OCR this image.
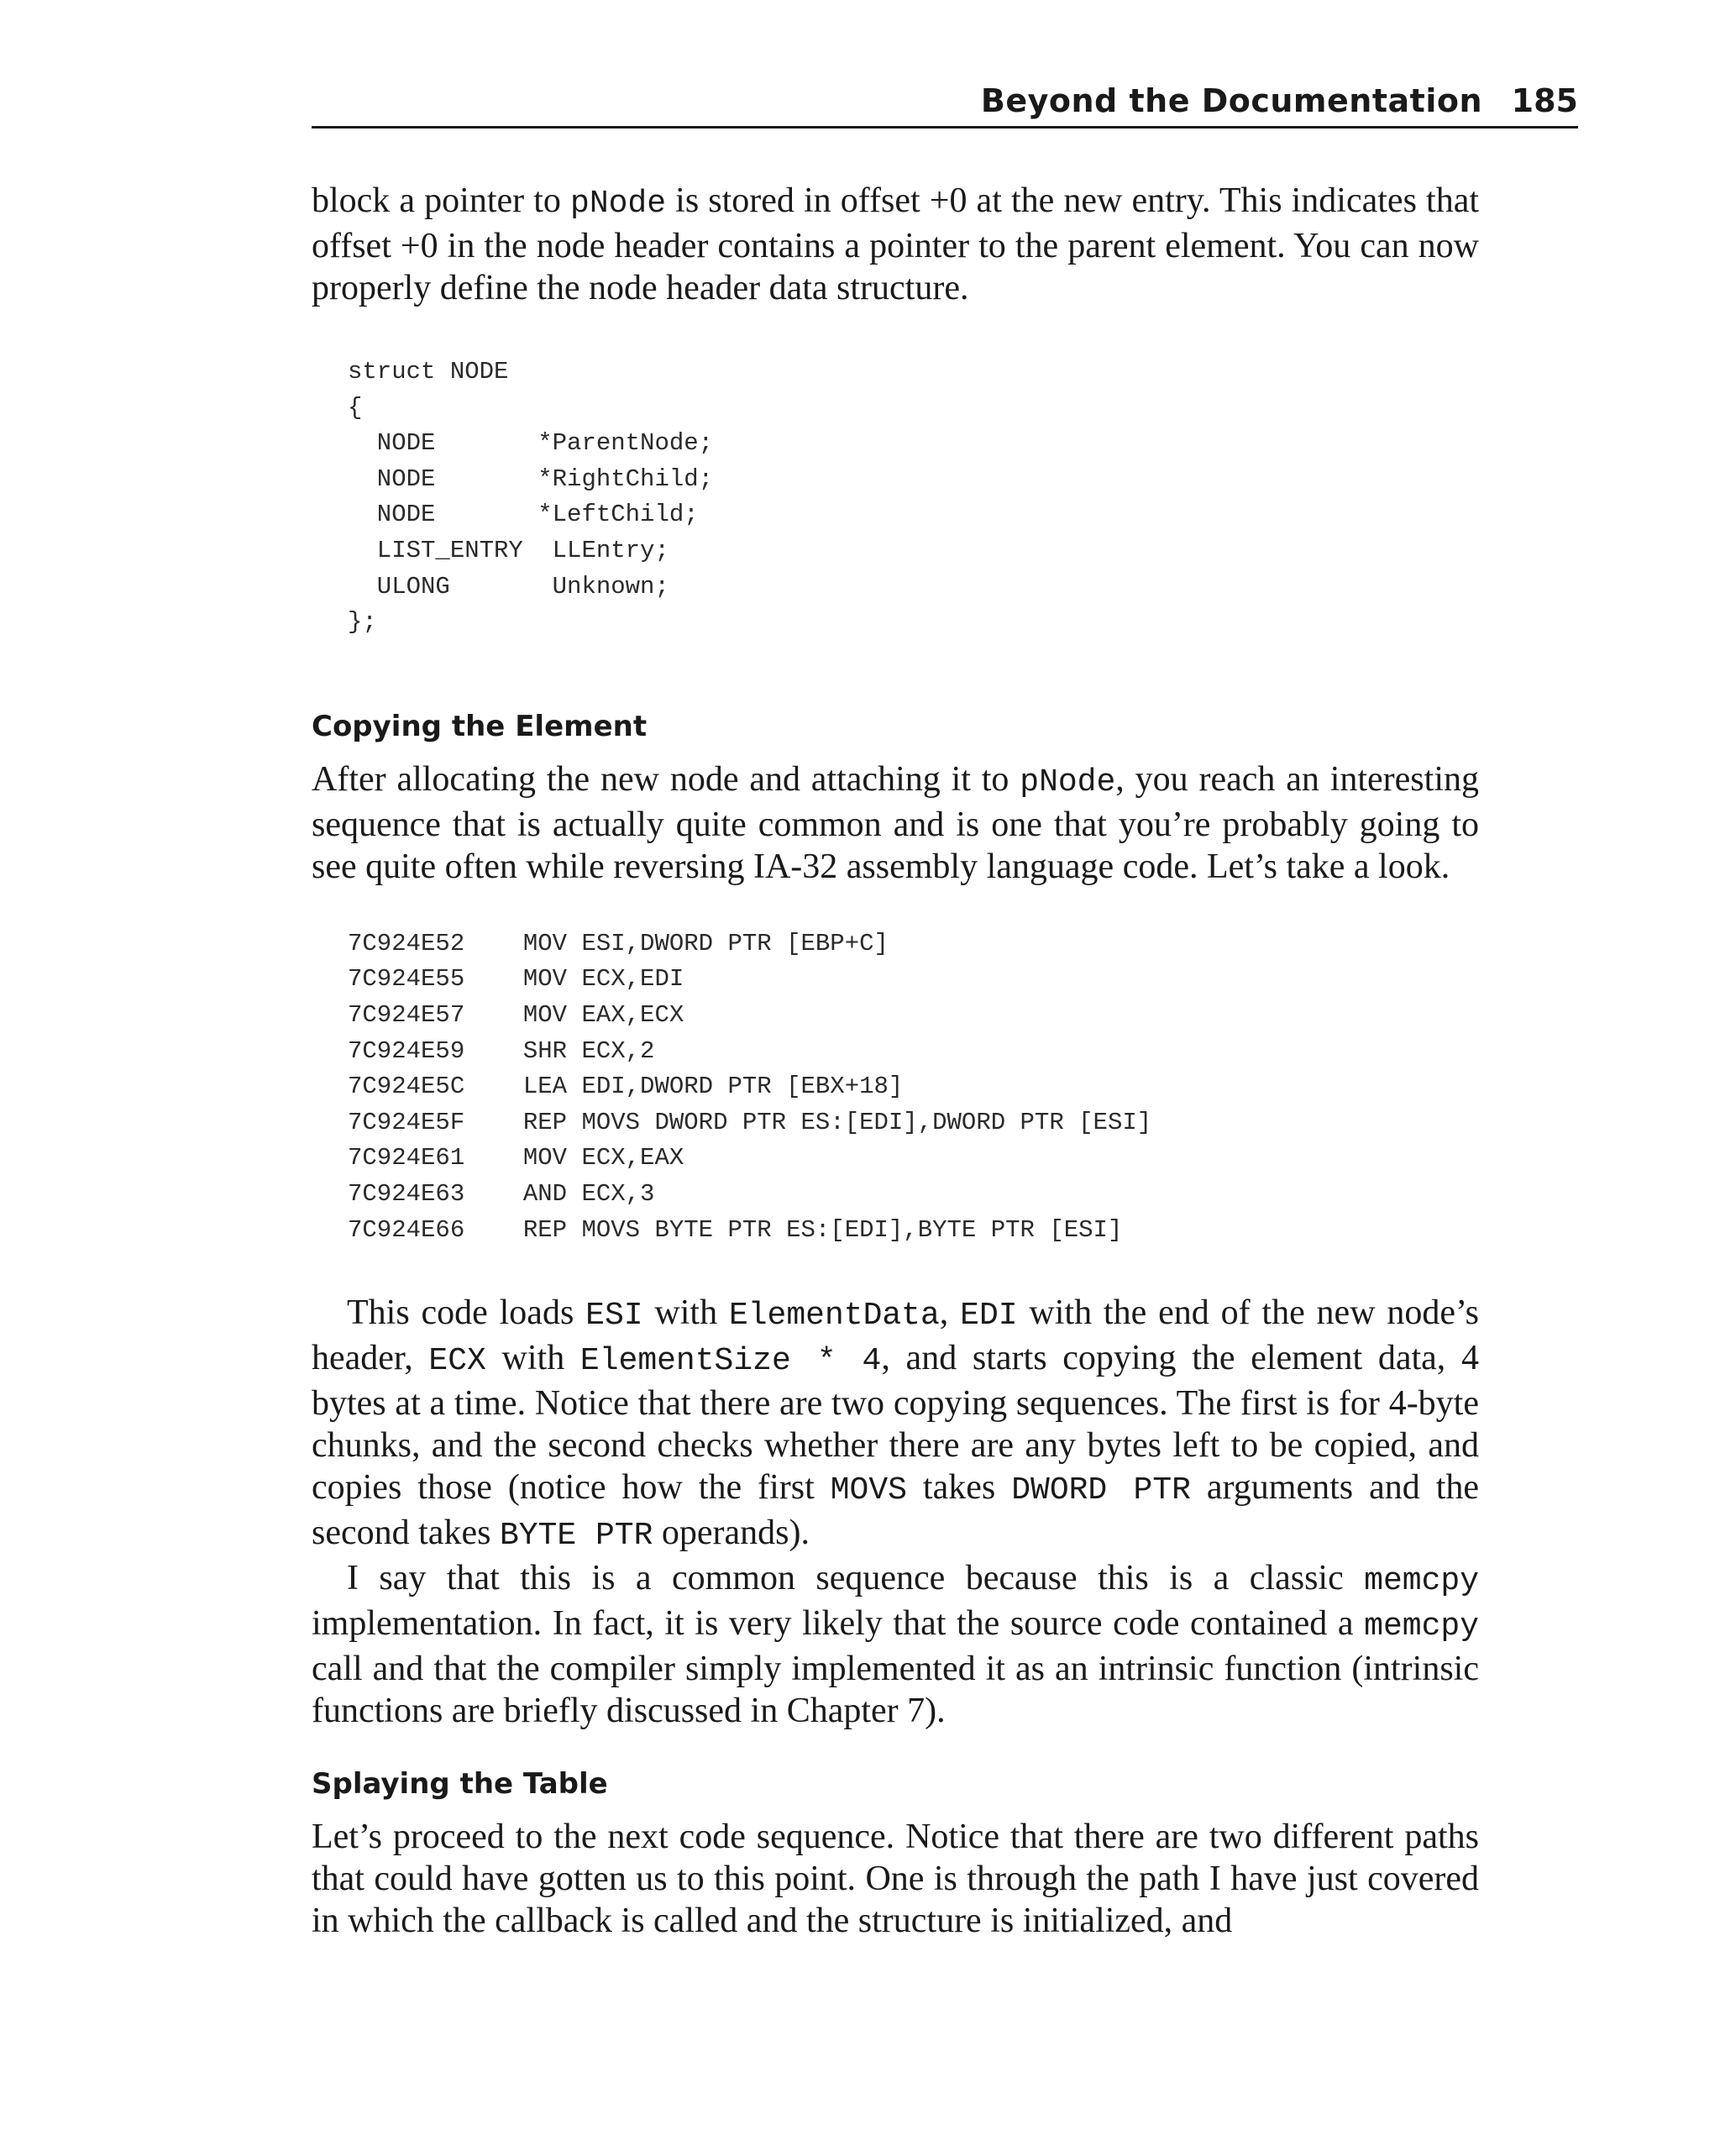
Beyond the Documentation 185

block a pointer to pNode is stored in offset +0 at the new entry. This indicates that offset +0 in the node header contains a pointer to the parent element. You can now properly define the node header data structure.

struct NODE
{
NODE       *ParentNode;
NODE       *RightChild;
NODE       *LeftChild;
LIST_ENTRY  LLEntry;
ULONG       Unknown;
};
Copying the Element

After allocating the new node and attaching it to pNode, you reach an interesting sequence that is actually quite common and is one that you’re probably going to see quite often while reversing IA-32 assembly language code. Let’s take a look.

7C924E52    MOV ESI,DWORD PTR [EBP+C]
7C924E55    MOV ECX,EDI
7C924E57    MOV EAX,ECX
7C924E59    SHR ECX,2
7C924E5C    LEA EDI,DWORD PTR [EBX+18]
7C924E5F    REP MOVS DWORD PTR ES:[EDI],DWORD PTR [ESI]
7C924E61    MOV ECX,EAX
7C924E63    AND ECX,3
7C924E66    REP MOVS BYTE PTR ES:[EDI],BYTE PTR [ESI]

This code loads ESI with ElementData, EDI with the end of the new node’s header, ECX with ElementSize * 4, and starts copying the element data, 4 bytes at a time. Notice that there are two copying sequences. The first is for 4-byte chunks, and the second checks whether there are any bytes left to be copied, and copies those (notice how the first MOVS takes DWORD PTR arguments and the second takes BYTE PTR operands).

I say that this is a common sequence because this is a classic memcpy implementation. In fact, it is very likely that the source code contained a memcpy call and that the compiler simply implemented it as an intrinsic function (intrinsic functions are briefly discussed in Chapter 7).

Splaying the Table

Let’s proceed to the next code sequence. Notice that there are two different paths that could have gotten us to this point. One is through the path I have just covered in which the callback is called and the structure is initialized, and
